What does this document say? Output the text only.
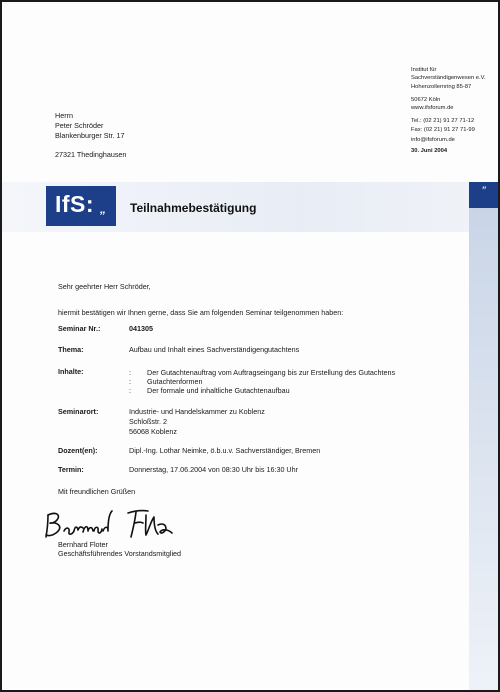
”
Institut für
Sachverständigenwesen e.V.
Hohenzollernring 85-87
50672 Köln
www.ifsforum.de
Tel.: (02 21) 91 27 71-12
Fax: (02 21) 91 27 71-99
info@ifsforum.de
30. Juni 2004
Herrn
Peter Schröder
Blankenburger Str. 17
27321 Thedinghausen
IfS: „ Teilnahmebestätigung
Sehr geehrter Herr Schröder,
hiermit bestätigen wir Ihnen gerne, dass Sie am folgenden Seminar teilgenommen haben:
Seminar Nr.:	041305
Thema:	Aufbau und Inhalt eines Sachverständigengutachtens
Inhalte:	: Der Gutachtenauftrag vom Auftragseingang bis zur Erstellung des Gutachtens
: Gutachtenformen
: Der formale und inhaltliche Gutachtenaufbau
Seminarort:	Industrie- und Handelskammer zu Koblenz
Schloßstr. 2
56068 Koblenz
Dozent(en):	Dipl.-Ing. Lothar Neimke, ö.b.u.v. Sachverständiger, Bremen
Termin:	Donnerstag, 17.06.2004 von 08:30 Uhr bis 16:30 Uhr
Mit freundlichen Grüßen
Bernhard Floter
Geschäftsführendes Vorstandsmitglied
